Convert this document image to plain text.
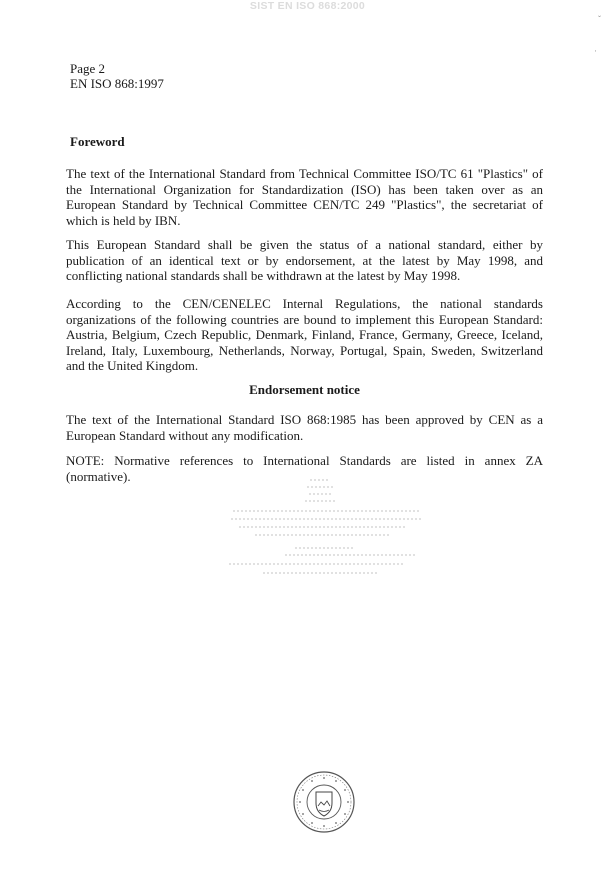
SIST EN ISO 868:2000
Page 2
EN ISO 868:1997
Foreword

The text of the International Standard from Technical Committee ISO/TC 61 "Plastics" of the International Organization for Standardization (ISO) has been taken over as an European Standard by Technical Committee CEN/TC 249 "Plastics", the secretariat of which is held by IBN.

This European Standard shall be given the status of a national standard, either by publication of an identical text or by endorsement, at the latest by May 1998, and conflicting national standards shall be withdrawn at the latest by May 1998.

According to the CEN/CENELEC Internal Regulations, the national standards organizations of the following countries are bound to implement this European Standard: Austria, Belgium, Czech Republic, Denmark, Finland, France, Germany, Greece, Iceland, Ireland, Italy, Luxembourg, Netherlands, Norway, Portugal, Spain, Sweden, Switzerland and the United Kingdom.

Endorsement notice

The text of the International Standard ISO 868:1985 has been approved by CEN as a European Standard without any modification.

NOTE: Normative references to International Standards are listed in annex ZA (normative).

ˇ
·
